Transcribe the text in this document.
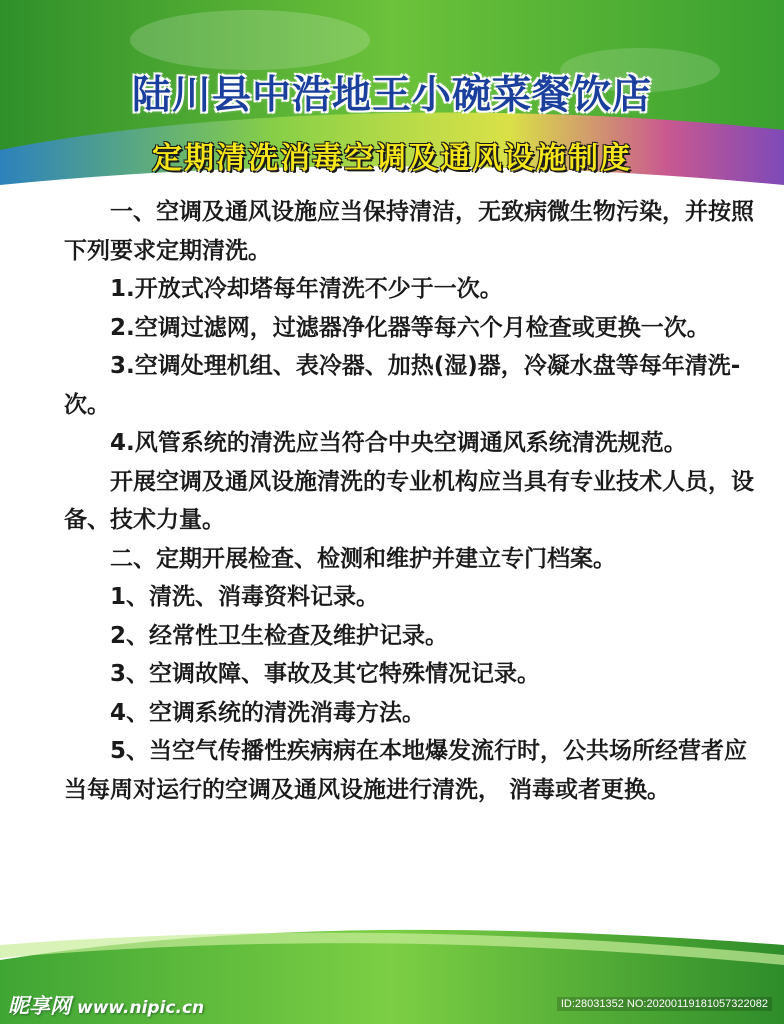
陆川县中浩地王小碗菜餐饮店
定期清洗消毒空调及通风设施制度

一、空调及通风设施应当保持清洁，无致病微生物污染，并按照下列要求定期清洗。

1.开放式冷却塔每年清洗不少于一次。

2.空调过滤网，过滤器净化器等每六个月检查或更换一次。

3.空调处理机组、表冷器、加热(湿)器，冷凝水盘等每年清洗-次。

4.风管系统的清洗应当符合中央空调通风系统清洗规范。

开展空调及通风设施清洗的专业机构应当具有专业技术人员，设备、技术力量。

二、定期开展检查、检测和维护并建立专门档案。

1、清洗、消毒资料记录。

2、经常性卫生检查及维护记录。

3、空调故障、事故及其它特殊情况记录。

4、空调系统的清洗消毒方法。

5、当空气传播性疾病病在本地爆发流行时，公共场所经营者应当每周对运行的空调及通风设施进行清洗， 消毒或者更换。

昵享网 www.nipic.cn	ID:28031352 NO:20200119181057322082
